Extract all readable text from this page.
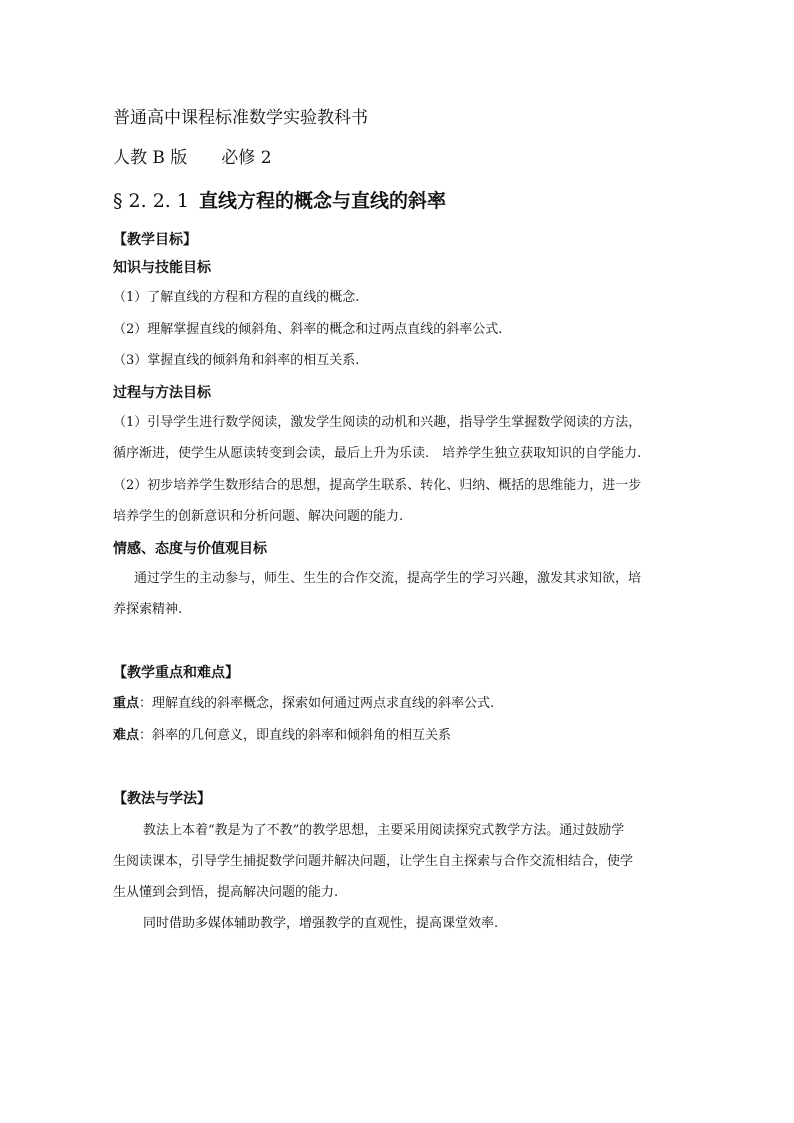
普通高中课程标准数学实验教科书

人教 B 版　　必修 2

§ 2. 2. 1 直线方程的概念与直线的斜率

【教学目标】

知识与技能目标

（1）了解直线的方程和方程的直线的概念.

（2）理解掌握直线的倾斜角、斜率的概念和过两点直线的斜率公式.

（3）掌握直线的倾斜角和斜率的相互关系.

过程与方法目标

（1）引导学生进行数学阅读，激发学生阅读的动机和兴趣，指导学生掌握数学阅读的方法，

循序渐进，使学生从愿读转变到会读，最后上升为乐读.　培养学生独立获取知识的自学能力.

（2）初步培养学生数形结合的思想，提高学生联系、转化、归纳、概括的思维能力，进一步

培养学生的创新意识和分析问题、解决问题的能力.

情感、态度与价值观目标

通过学生的主动参与，师生、生生的合作交流，提高学生的学习兴趣，激发其求知欲，培

养探索精神.

【教学重点和难点】

重点：理解直线的斜率概念，探索如何通过两点求直线的斜率公式.

难点：斜率的几何意义，即直线的斜率和倾斜角的相互关系

【教法与学法】

教法上本着“教是为了不教”的教学思想，主要采用阅读探究式教学方法。通过鼓励学

生阅读课本，引导学生捕捉数学问题并解决问题，让学生自主探索与合作交流相结合，使学

生从懂到会到悟，提高解决问题的能力.

同时借助多媒体辅助教学，增强教学的直观性，提高课堂效率.
